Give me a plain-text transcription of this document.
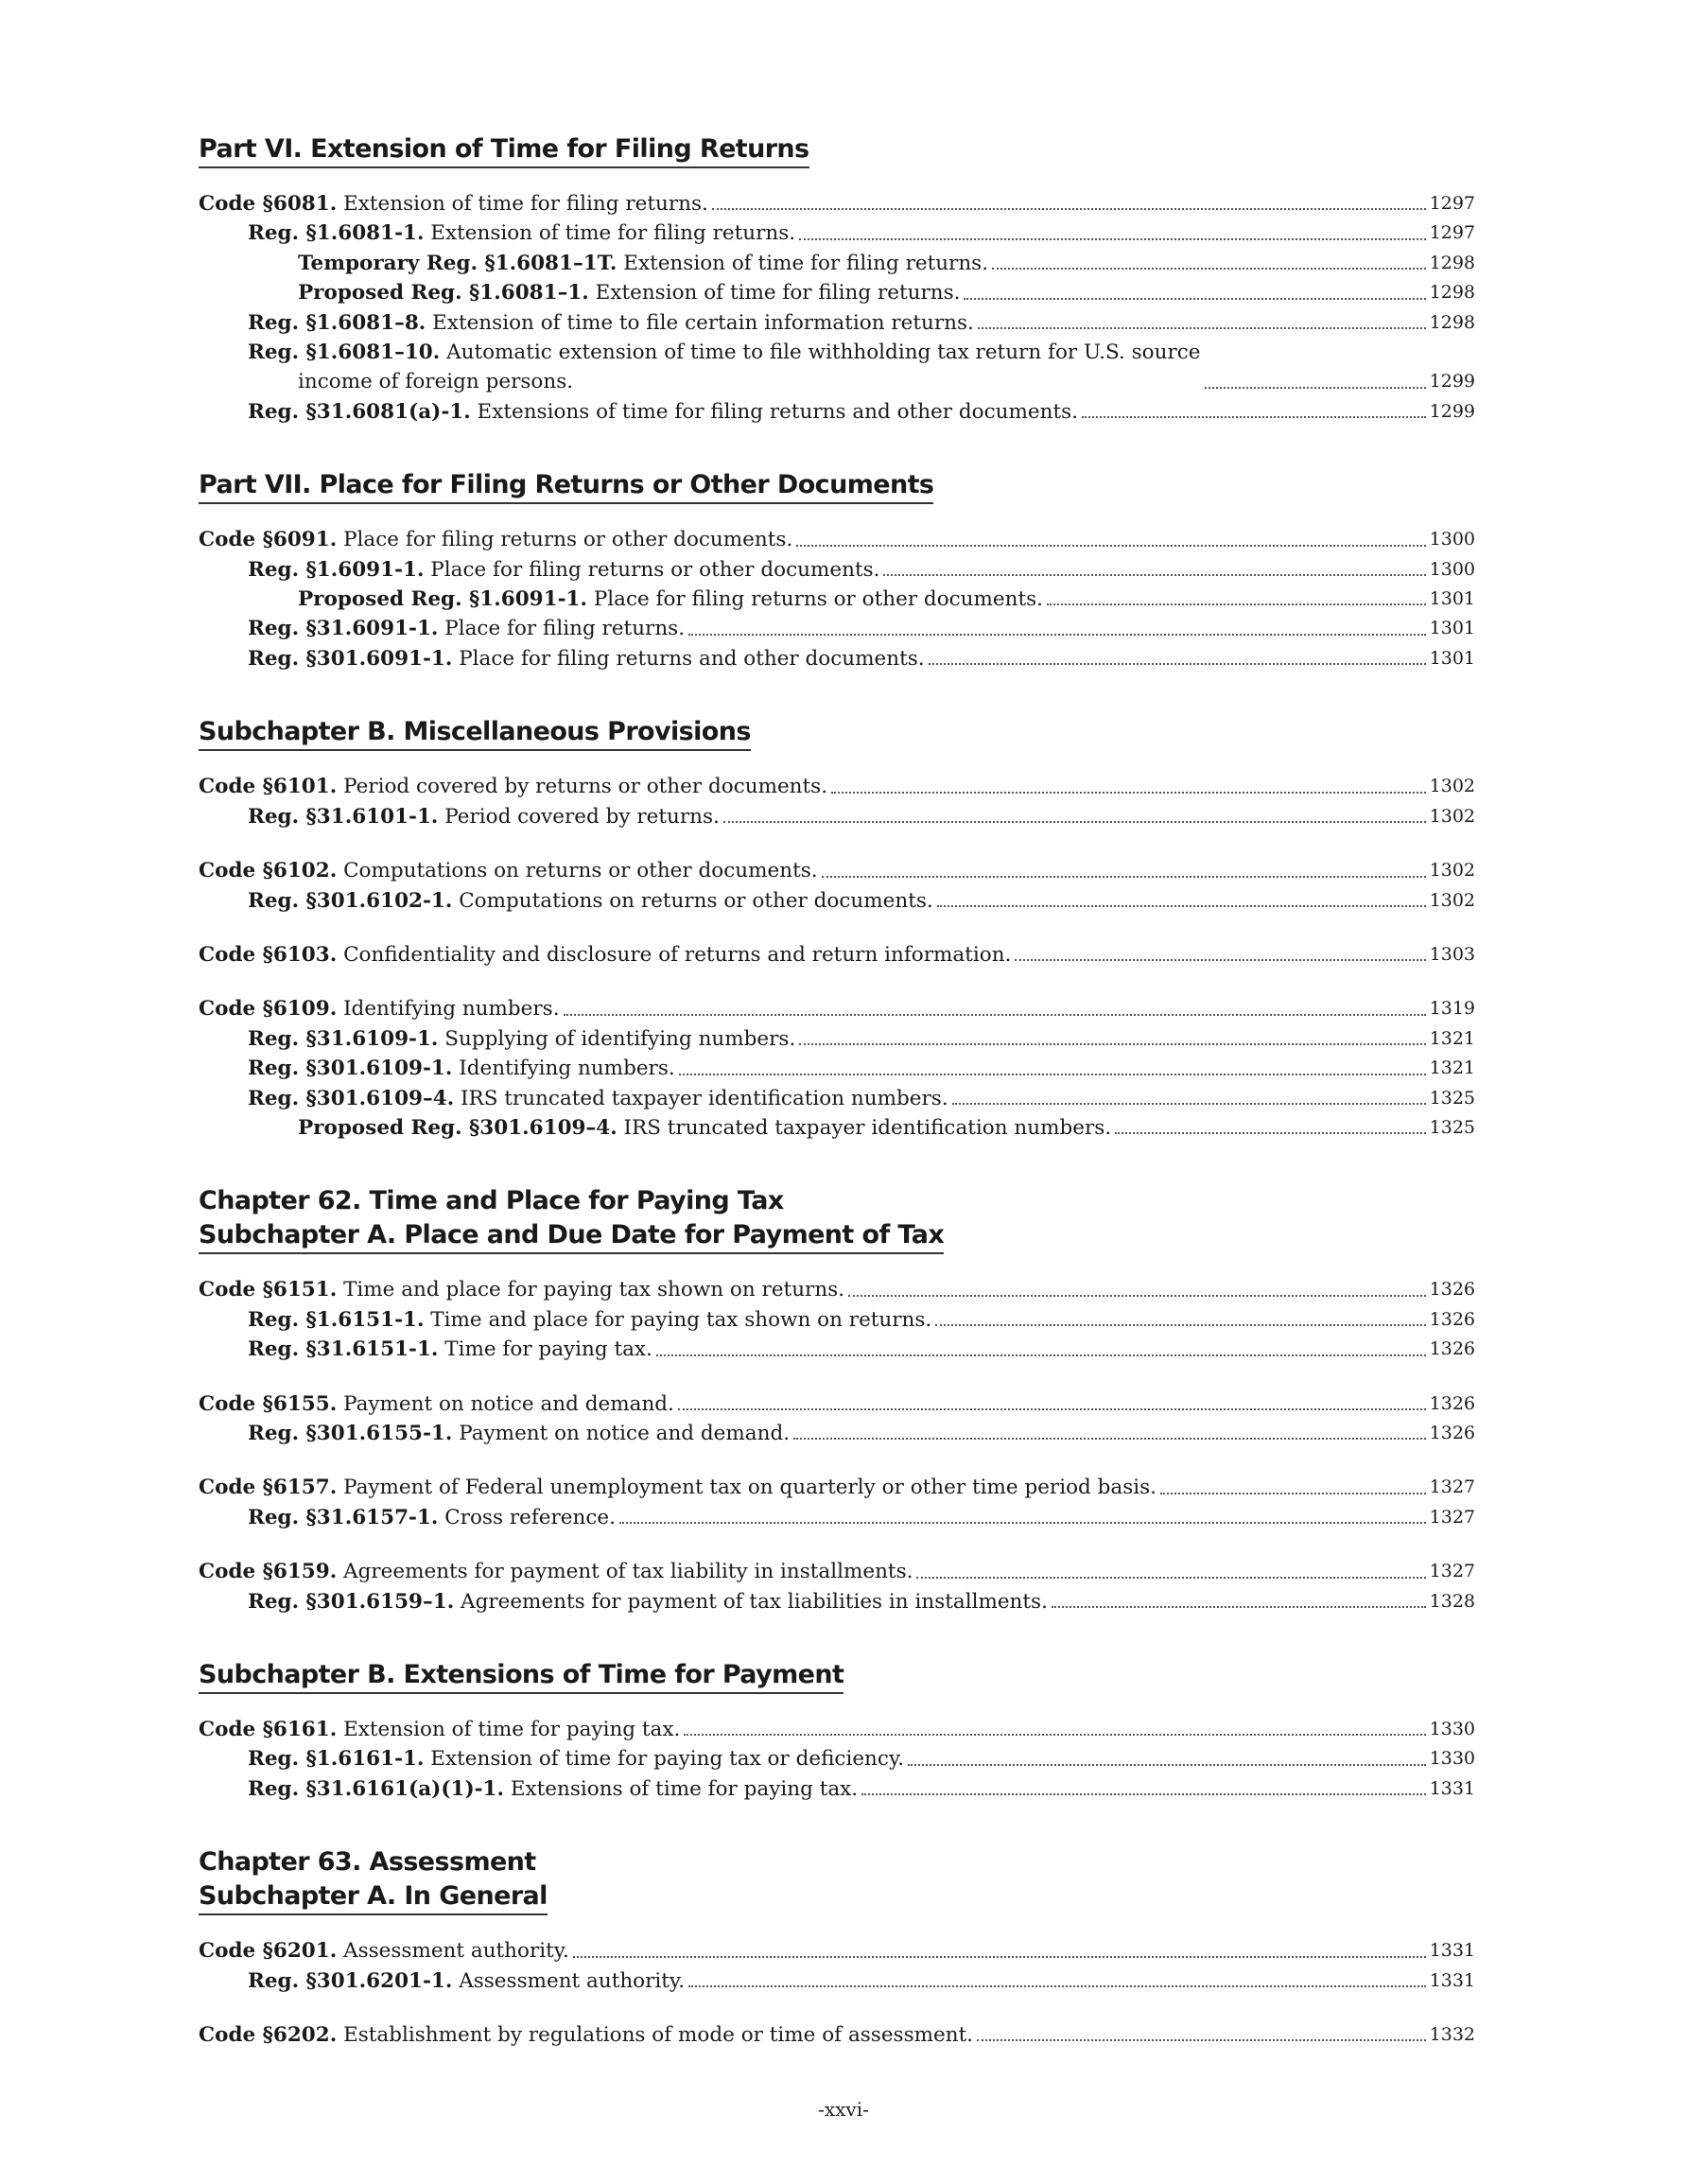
Part VI. Extension of Time for Filing Returns
Code §6081. Extension of time for filing returns.	1297
Reg. §1.6081-1. Extension of time for filing returns.	1297
Temporary Reg. §1.6081–1T. Extension of time for filing returns.	1298
Proposed Reg. §1.6081–1. Extension of time for filing returns.	1298
Reg. §1.6081–8. Extension of time to file certain information returns.	1298
Reg. §1.6081–10. Automatic extension of time to file withholding tax return for U.S. source
income of foreign persons.	1299
Reg. §31.6081(a)-1. Extensions of time for filing returns and other documents.	1299
Part VII. Place for Filing Returns or Other Documents
Code §6091. Place for filing returns or other documents.	1300
Reg. §1.6091-1. Place for filing returns or other documents.	1300
Proposed Reg. §1.6091-1. Place for filing returns or other documents.	1301
Reg. §31.6091-1. Place for filing returns.	1301
Reg. §301.6091-1. Place for filing returns and other documents.	1301
Subchapter B. Miscellaneous Provisions
Code §6101. Period covered by returns or other documents.	1302
Reg. §31.6101-1. Period covered by returns.	1302
Code §6102. Computations on returns or other documents.	1302
Reg. §301.6102-1. Computations on returns or other documents.	1302
Code §6103. Confidentiality and disclosure of returns and return information.	1303
Code §6109. Identifying numbers.	1319
Reg. §31.6109-1. Supplying of identifying numbers.	1321
Reg. §301.6109-1. Identifying numbers.	1321
Reg. §301.6109–4. IRS truncated taxpayer identification numbers.	1325
Proposed Reg. §301.6109–4. IRS truncated taxpayer identification numbers.	1325
Chapter 62. Time and Place for Paying Tax
Subchapter A. Place and Due Date for Payment of Tax
Code §6151. Time and place for paying tax shown on returns.	1326
Reg. §1.6151-1. Time and place for paying tax shown on returns.	1326
Reg. §31.6151-1. Time for paying tax.	1326
Code §6155. Payment on notice and demand.	1326
Reg. §301.6155-1. Payment on notice and demand.	1326
Code §6157. Payment of Federal unemployment tax on quarterly or other time period basis.	1327
Reg. §31.6157-1. Cross reference.	1327
Code §6159. Agreements for payment of tax liability in installments.	1327
Reg. §301.6159–1. Agreements for payment of tax liabilities in installments.	1328
Subchapter B. Extensions of Time for Payment
Code §6161. Extension of time for paying tax.	1330
Reg. §1.6161-1. Extension of time for paying tax or deficiency.	1330
Reg. §31.6161(a)(1)-1. Extensions of time for paying tax.	1331
Chapter 63. Assessment
Subchapter A. In General
Code §6201. Assessment authority.	1331
Reg. §301.6201-1. Assessment authority.	1331
Code §6202. Establishment by regulations of mode or time of assessment.	1332
-xxvi-
